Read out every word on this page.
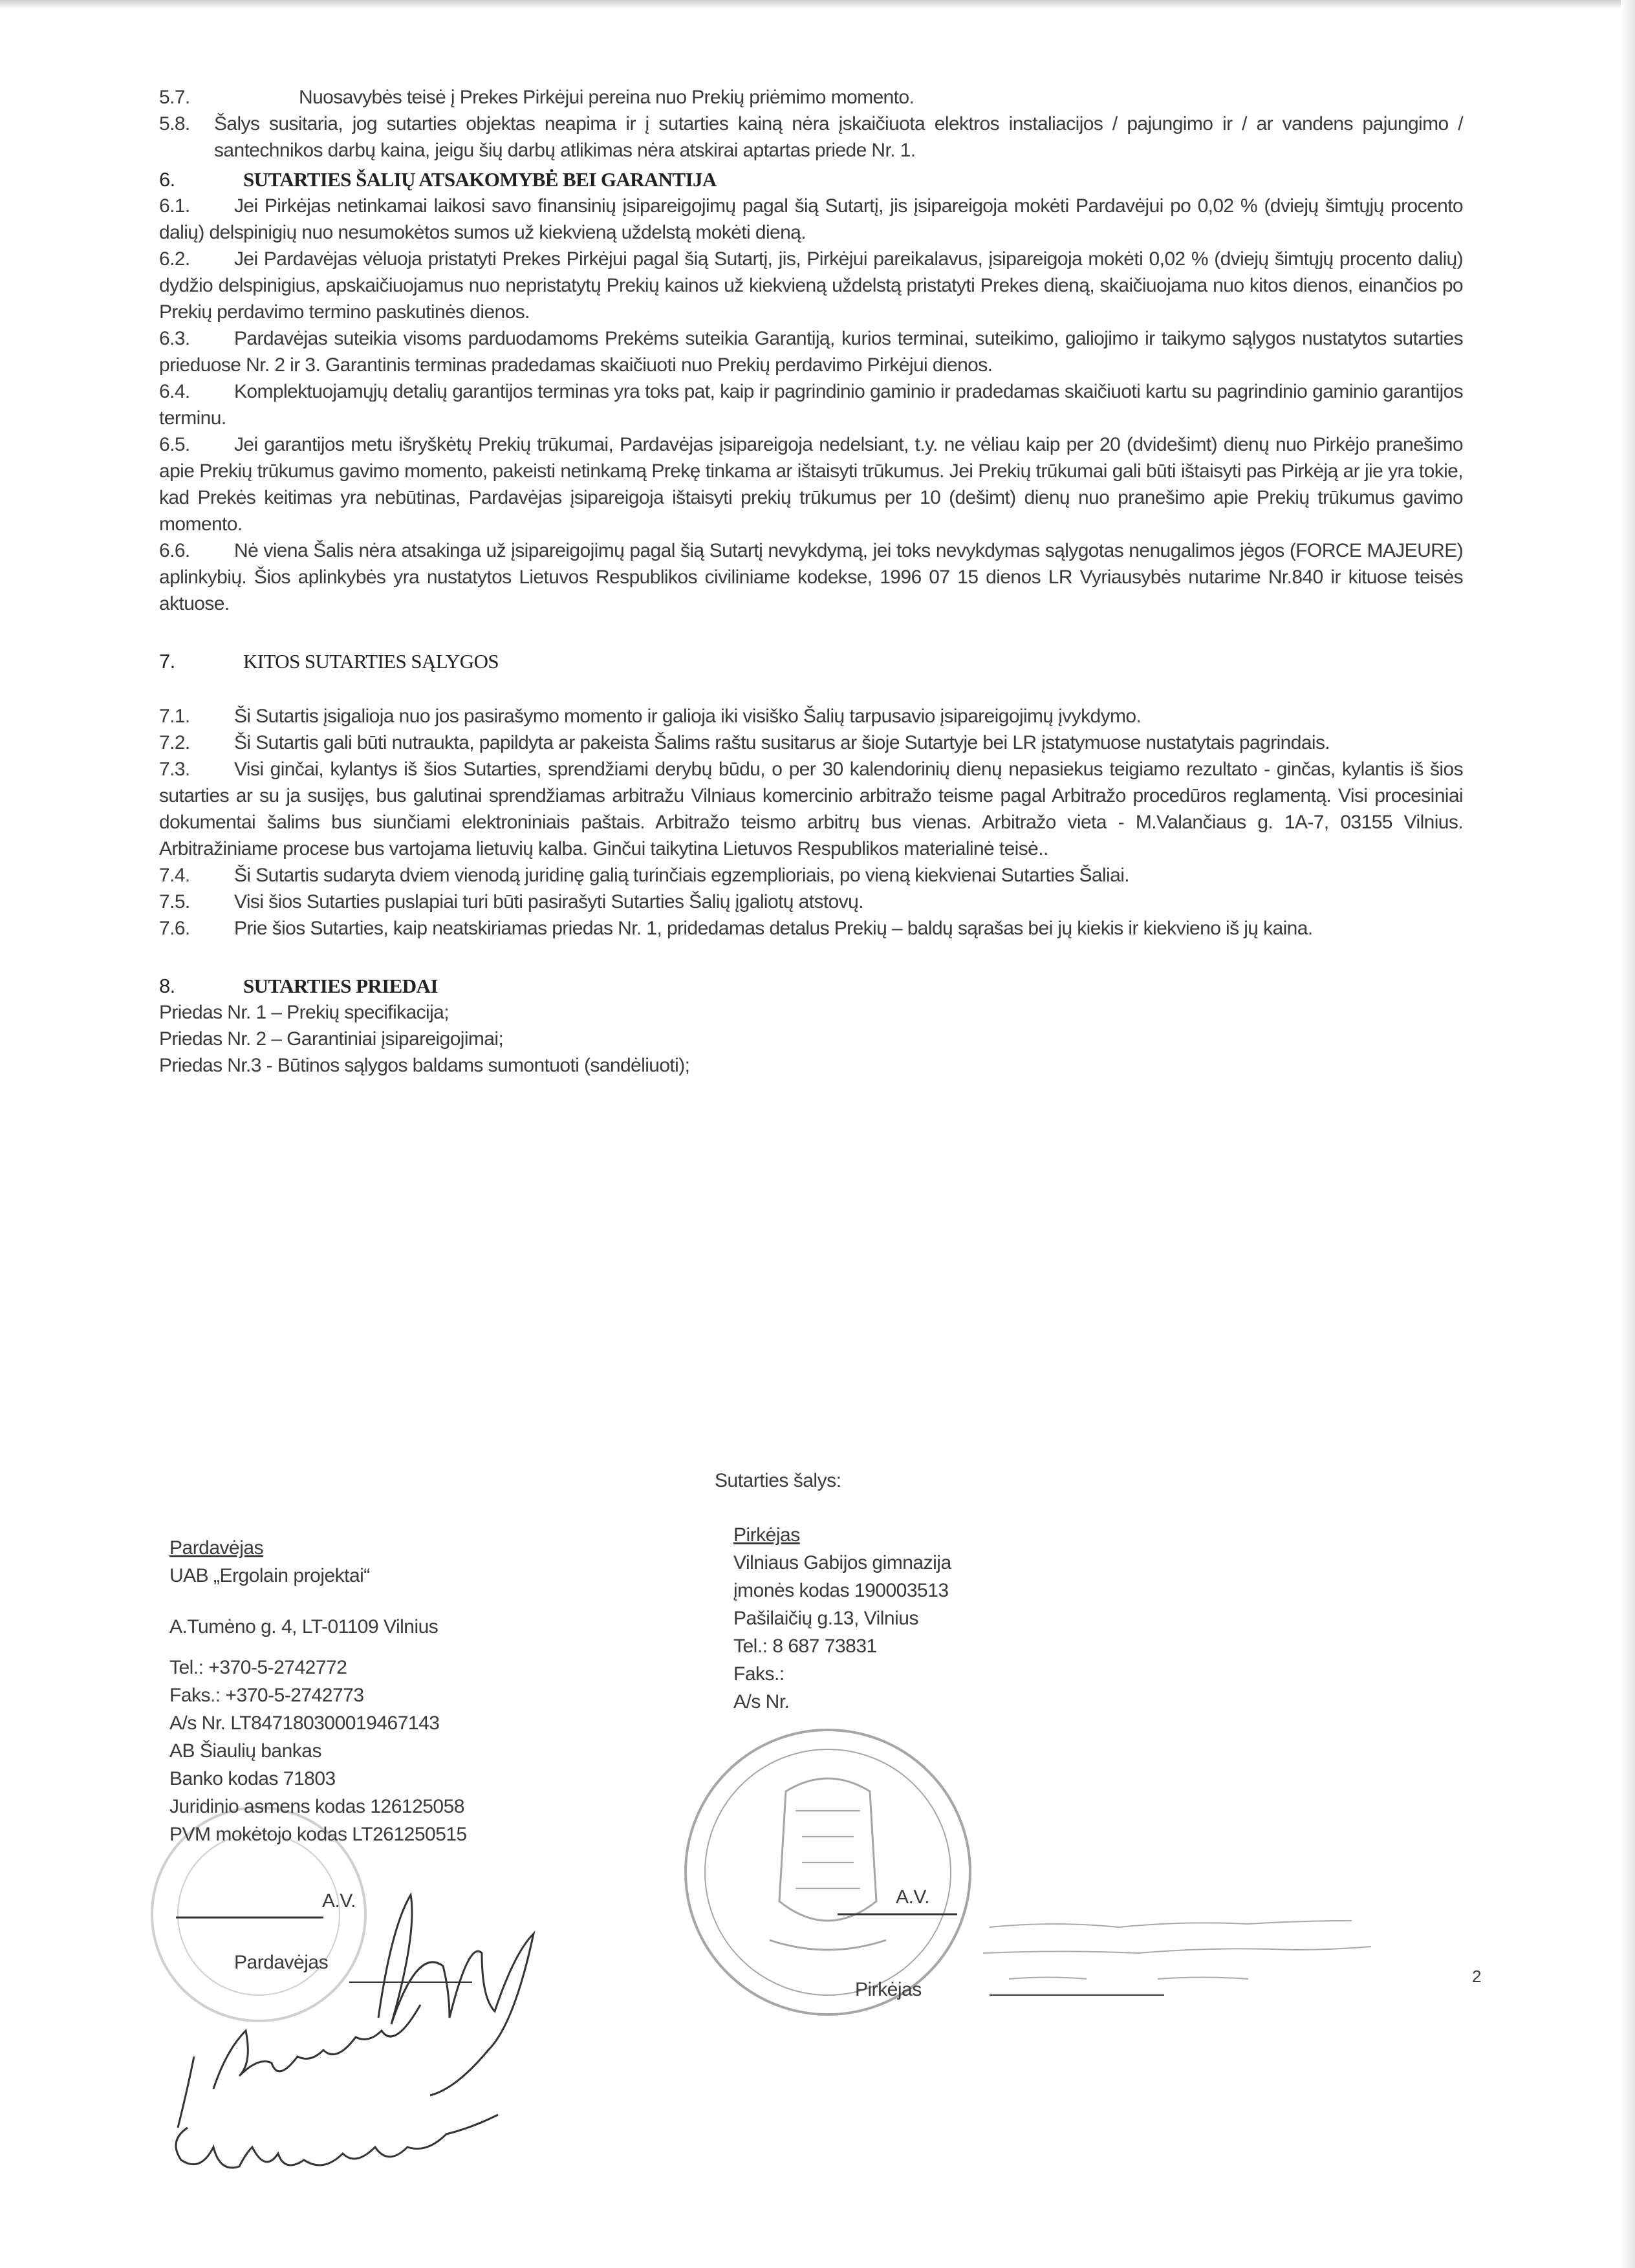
5.7.	Nuosavybės teisė į Prekes Pirkėjui pereina nuo Prekių priėmimo momento.

5.8.	Šalys susitaria, jog sutarties objektas neapima ir į sutarties kainą nėra įskaičiuota elektros instaliacijos / pajungimo ir / ar vandens pajungimo / santechnikos darbų kaina, jeigu šių darbų atlikimas nėra atskirai aptartas priede Nr. 1.

6.	SUTARTIES ŠALIŲ ATSAKOMYBĖ BEI GARANTIJA

6.1. Jei Pirkėjas netinkamai laikosi savo finansinių įsipareigojimų pagal šią Sutartį, jis įsipareigoja mokėti Pardavėjui po 0,02 % (dviejų šimtųjų procento dalių) delspinigių nuo nesumokėtos sumos už kiekvieną uždelstą mokėti dieną.

6.2. Jei Pardavėjas vėluoja pristatyti Prekes Pirkėjui pagal šią Sutartį, jis, Pirkėjui pareikalavus, įsipareigoja mokėti 0,02 % (dviejų šimtųjų procento dalių) dydžio delspinigius, apskaičiuojamus nuo nepristatytų Prekių kainos už kiekvieną uždelstą pristatyti Prekes dieną, skaičiuojama nuo kitos dienos, einančios po Prekių perdavimo termino paskutinės dienos.

6.3. Pardavėjas suteikia visoms parduodamoms Prekėms suteikia Garantiją, kurios terminai, suteikimo, galiojimo ir taikymo sąlygos nustatytos sutarties prieduose Nr. 2 ir 3. Garantinis terminas pradedamas skaičiuoti nuo Prekių perdavimo Pirkėjui dienos.

6.4. Komplektuojamųjų detalių garantijos terminas yra toks pat, kaip ir pagrindinio gaminio ir pradedamas skaičiuoti kartu su pagrindinio gaminio garantijos terminu.

6.5. Jei garantijos metu išryškėtų Prekių trūkumai, Pardavėjas įsipareigoja nedelsiant, t.y. ne vėliau kaip per 20 (dvidešimt) dienų nuo Pirkėjo pranešimo apie Prekių trūkumus gavimo momento, pakeisti netinkamą Prekę tinkama ar ištaisyti trūkumus. Jei Prekių trūkumai gali būti ištaisyti pas Pirkėją ar jie yra tokie, kad Prekės keitimas yra nebūtinas, Pardavėjas įsipareigoja ištaisyti prekių trūkumus per 10 (dešimt) dienų nuo pranešimo apie Prekių trūkumus gavimo momento.

6.6. Nė viena Šalis nėra atsakinga už įsipareigojimų pagal šią Sutartį nevykdymą, jei toks nevykdymas sąlygotas nenugalimos jėgos (FORCE MAJEURE) aplinkybių. Šios aplinkybės yra nustatytos Lietuvos Respublikos civiliniame kodekse, 1996 07 15 dienos LR Vyriausybės nutarime Nr.840 ir kituose teisės aktuose.

7.	KITOS SUTARTIES SĄLYGOS

7.1. Ši Sutartis įsigalioja nuo jos pasirašymo momento ir galioja iki visiško Šalių tarpusavio įsipareigojimų įvykdymo.

7.2. Ši Sutartis gali būti nutraukta, papildyta ar pakeista Šalims raštu susitarus ar šioje Sutartyje bei LR įstatymuose nustatytais pagrindais.

7.3. Visi ginčai, kylantys iš šios Sutarties, sprendžiami derybų būdu, o per 30 kalendorinių dienų nepasiekus teigiamo rezultato - ginčas, kylantis iš šios sutarties ar su ja susijęs, bus galutinai sprendžiamas arbitražu Vilniaus komercinio arbitražo teisme pagal Arbitražo procedūros reglamentą. Visi procesiniai dokumentai šalims bus siunčiami elektroniniais paštais. Arbitražo teismo arbitrų bus vienas. Arbitražo vieta - M.Valančiaus g. 1A-7, 03155 Vilnius. Arbitražiniame procese bus vartojama lietuvių kalba. Ginčui taikytina Lietuvos Respublikos materialinė teisė..

7.4. Ši Sutartis sudaryta dviem vienodą juridinę galią turinčiais egzemplioriais, po vieną kiekvienai Sutarties Šaliai.

7.5. Visi šios Sutarties puslapiai turi būti pasirašyti Sutarties Šalių įgaliotų atstovų.

7.6. Prie šios Sutarties, kaip neatskiriamas priedas Nr. 1, pridedamas detalus Prekių – baldų sąrašas bei jų kiekis ir kiekvieno iš jų kaina.

8.	SUTARTIES PRIEDAI

Priedas Nr. 1 – Prekių specifikacija;

Priedas Nr. 2 – Garantiniai įsipareigojimai;

Priedas Nr.3 - Būtinos sąlygos baldams sumontuoti (sandėliuoti);

Sutarties šalys:
Pardavėjas
UAB „Ergolain projektai“
A.Tumėno g. 4, LT-01109 Vilnius
Tel.: +370-5-2742772
Faks.: +370-5-2742773
A/s Nr. LT847180300019467143
AB Šiaulių bankas
Banko kodas 71803
Juridinio asmens kodas 126125058
PVM mokėtojo kodas LT261250515
Pirkėjas
Vilniaus Gabijos gimnazija
įmonės kodas 190003513
Pašilaičių g.13, Vilnius
Tel.: 8 687 73831
Faks.:
A/s Nr.
A.V.	A.V.
Pardavėjas
Pirkėjas
2
